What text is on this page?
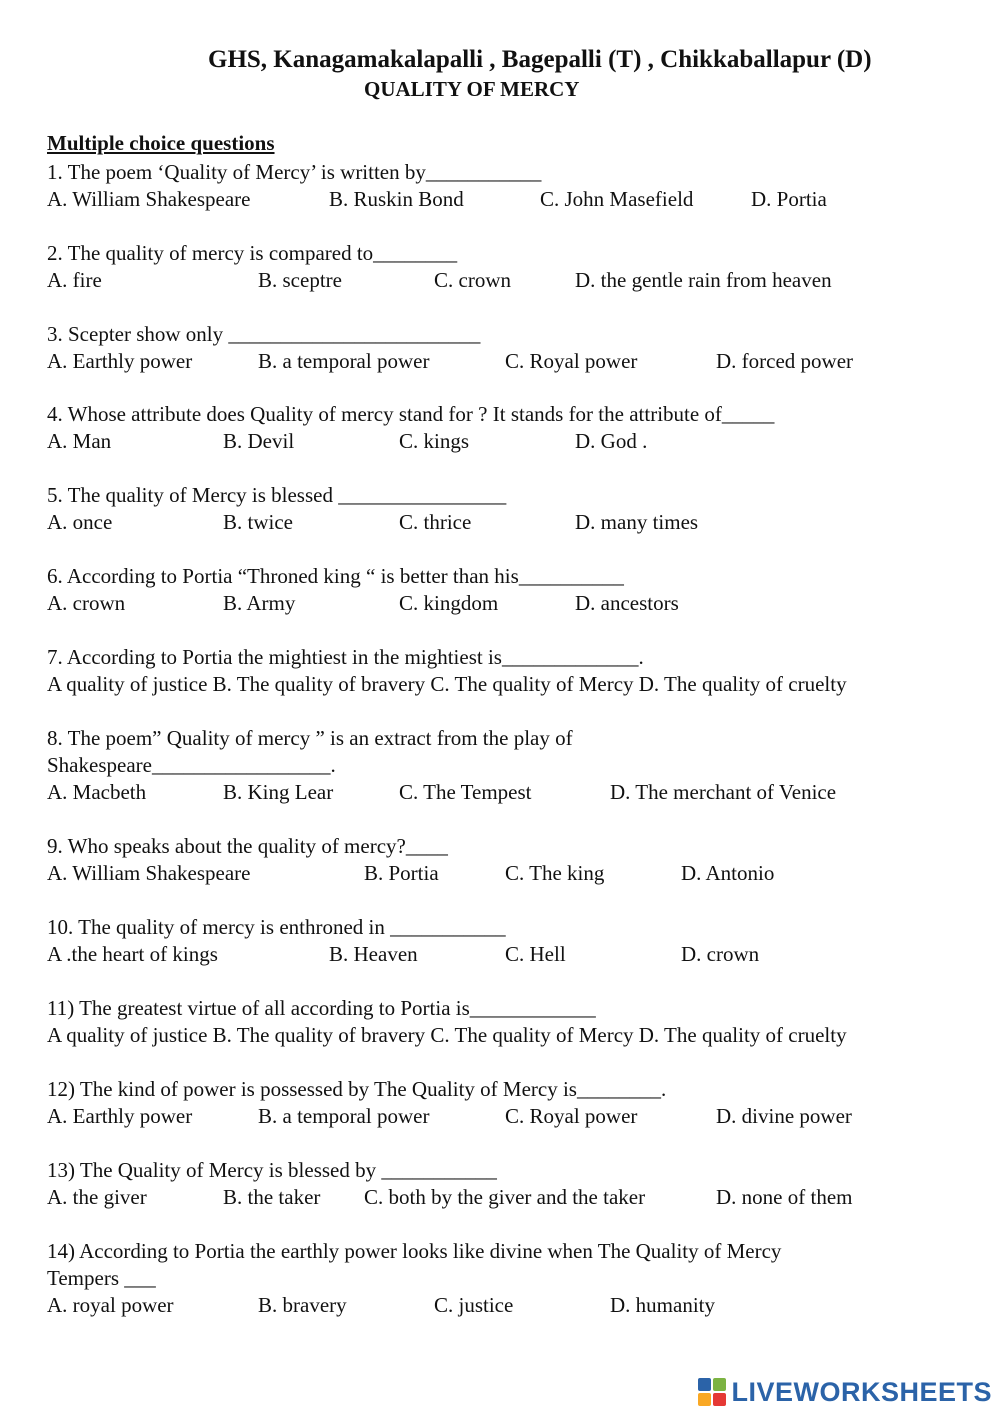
GHS, Kanagamakalapalli , Bagepalli (T) , Chikkaballapur (D)
QUALITY OF MERCY
Multiple choice questions
1. The poem ‘Quality of Mercy’ is written by___________
A. William Shakespeare	B. Ruskin Bond	C. John Masefield	D. Portia
2. The quality of mercy is compared to________
A. fire	B. sceptre	C. crown	D. the gentle rain from heaven
3. Scepter show only ________________________
A. Earthly power	B. a temporal power	C. Royal power	D. forced power
4. Whose attribute does Quality of mercy stand for ? It stands for the attribute of_____
A. Man	B. Devil	C. kings	D. God .
5. The quality of Mercy is blessed ________________
A. once	B. twice	C. thrice	D. many times
6. According to Portia “Throned king “ is better than his__________
A. crown	B. Army	C. kingdom	D. ancestors
7. According to Portia the mightiest in the mightiest is_____________.
A quality of justice B. The quality of bravery C. The quality of Mercy D. The quality of cruelty
8. The poem” Quality of mercy ” is an extract from the play of
Shakespeare_________________.
A. Macbeth	B. King Lear	C. The Tempest	D. The merchant of Venice
9. Who speaks about the quality of mercy?____
A. William Shakespeare	B. Portia	C. The king	D. Antonio
10. The quality of mercy is enthroned in ___________
A .the heart of kings	B. Heaven	C. Hell	D. crown
11) The greatest virtue of all according to Portia is____________
A quality of justice B. The quality of bravery C. The quality of Mercy D. The quality of cruelty
12) The kind of power is possessed by The Quality of Mercy is________.
A. Earthly power	B. a temporal power	C. Royal power	D. divine power
13) The Quality of Mercy is blessed by ___________
A. the giver	B. the taker C. both by the giver and the taker	D. none of them
14) According to Portia the earthly power looks like divine when The Quality of Mercy
Tempers ___
A. royal power	B. bravery	C. justice	D. humanity
LIVEWORKSHEETS
